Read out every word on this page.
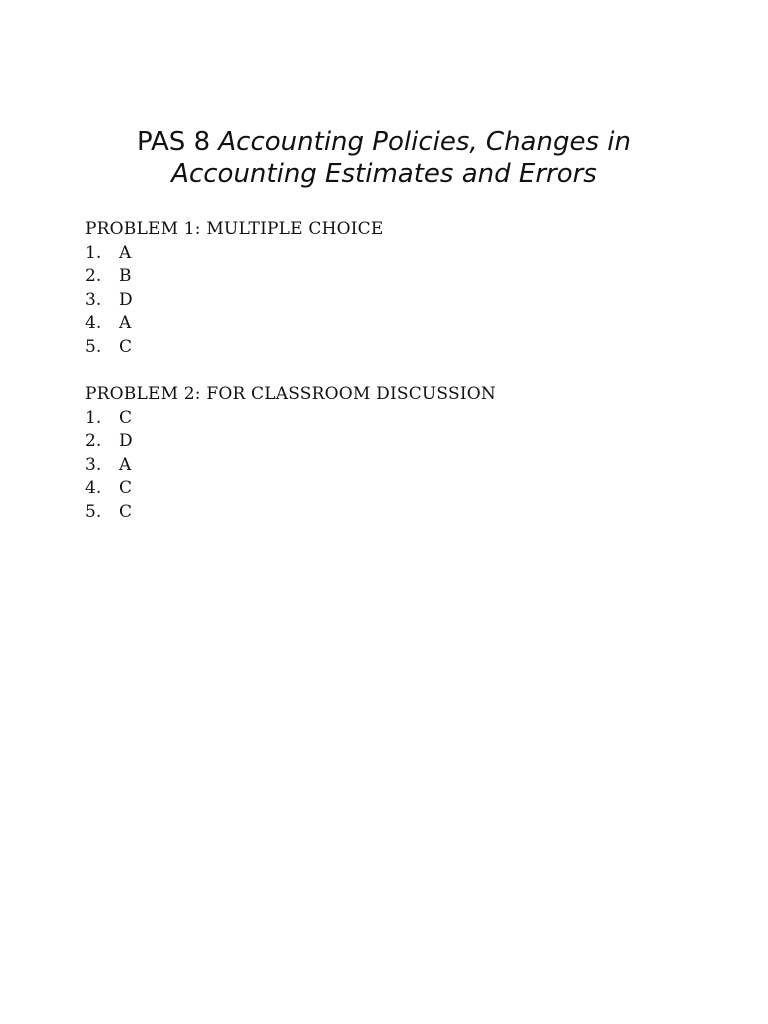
PAS 8 Accounting Policies, Changes in
Accounting Estimates and Errors
PROBLEM 1: MULTIPLE CHOICE
1.	A
2.	B
3.	D
4.	A
5.	C
PROBLEM 2: FOR CLASSROOM DISCUSSION
1.	C
2.	D
3.	A
4.	C
5.	C
